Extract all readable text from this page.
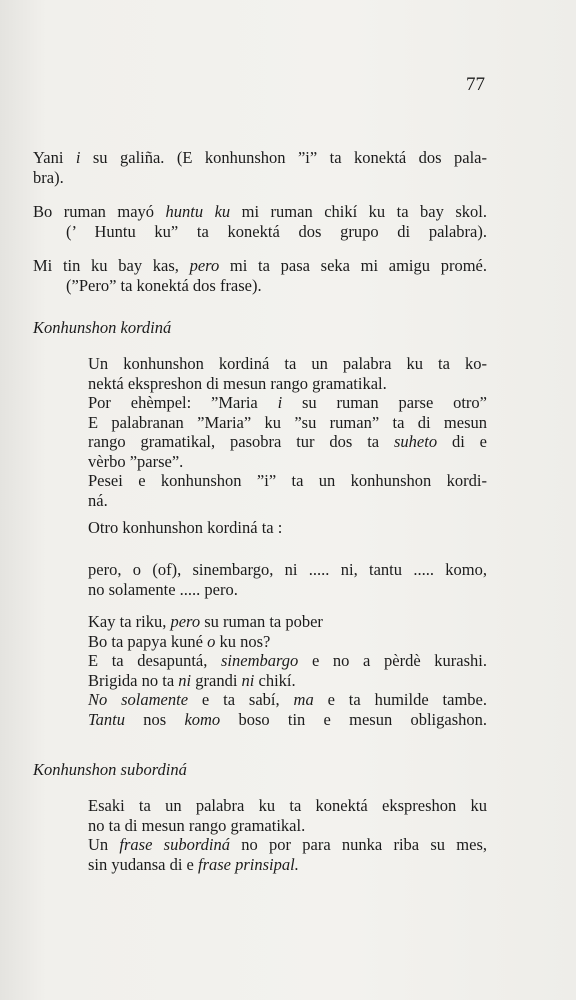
77
Yani i su galiña. (E konhunshon ”i” ta konektá dos pala-
bra).
Bo ruman mayó huntu ku mi ruman chikí ku ta bay skol.
(’ Huntu ku” ta konektá dos grupo di palabra).
Mi tin ku bay kas, pero mi ta pasa seka mi amigu promé.
(”Pero” ta konektá dos frase).
Konhunshon kordiná
Un konhunshon kordiná ta un palabra ku ta ko-
nektá ekspreshon di mesun rango gramatikal.
Por ehèmpel: ”Maria i su ruman parse otro”
E palabranan ”Maria” ku ”su ruman” ta di mesun
rango gramatikal, pasobra tur dos ta suheto di e
vèrbo ”parse”.
Pesei e konhunshon ”i” ta un konhunshon kordi-
ná.
Otro konhunshon kordiná ta :
pero, o (of), sinembargo, ni ..... ni, tantu ..... komo,
no solamente ..... pero.
Kay ta riku, pero su ruman ta pober
Bo ta papya kuné o ku nos?
E ta desapuntá, sinembargo e no a pèrdè kurashi.
Brigida no ta ni grandi ni chikí.
No solamente e ta sabí, ma e ta humilde tambe.
Tantu nos komo boso tin e mesun obligashon.
Konhunshon subordiná
Esaki ta un palabra ku ta konektá ekspreshon ku
no ta di mesun rango gramatikal.
Un frase subordiná no por para nunka riba su mes,
sin yudansa di e frase prinsipal.
